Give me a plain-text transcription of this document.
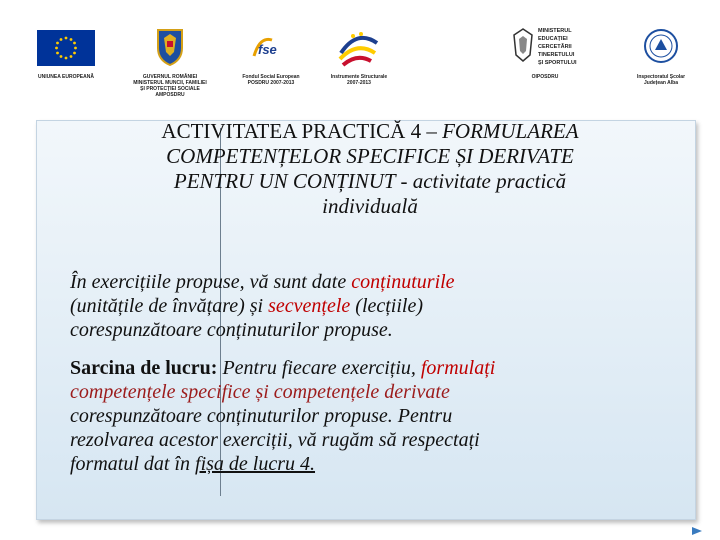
UNIUNEA EUROPEANĂ	GUVERNUL ROMÂNIEI
MINISTERUL MUNCII, FAMILIEI
ȘI PROTECȚIEI SOCIALE
AMPOSDRU
fse
Fondul Social European
POSDRU 2007-2013
Instrumente Structurale
2007-2013
MINISTERUL
EDUCAȚIEI
CERCETĂRII
TINERETULUI
ȘI SPORTULUI
OIPOSDRU	Inspectoratul Școlar
Județean Alba
ACTIVITATEA PRACTICĂ 4 – FORMULAREA
COMPETENȚELOR SPECIFICE ȘI DERIVATE
PENTRU UN CONȚINUT - activitate practică
individuală
În exercițiile propuse, vă sunt date conținuturile
(unitățile de învățare) și secvențele (lecțiile)
corespunzătoare conținuturilor propuse.
Sarcina de lucru: Pentru fiecare exercițiu, formulați
competențele specifice și competențele derivate
corespunzătoare conținuturilor propuse. Pentru
rezolvarea acestor exerciții, vă rugăm să respectați
formatul dat în fișa de lucru 4.
